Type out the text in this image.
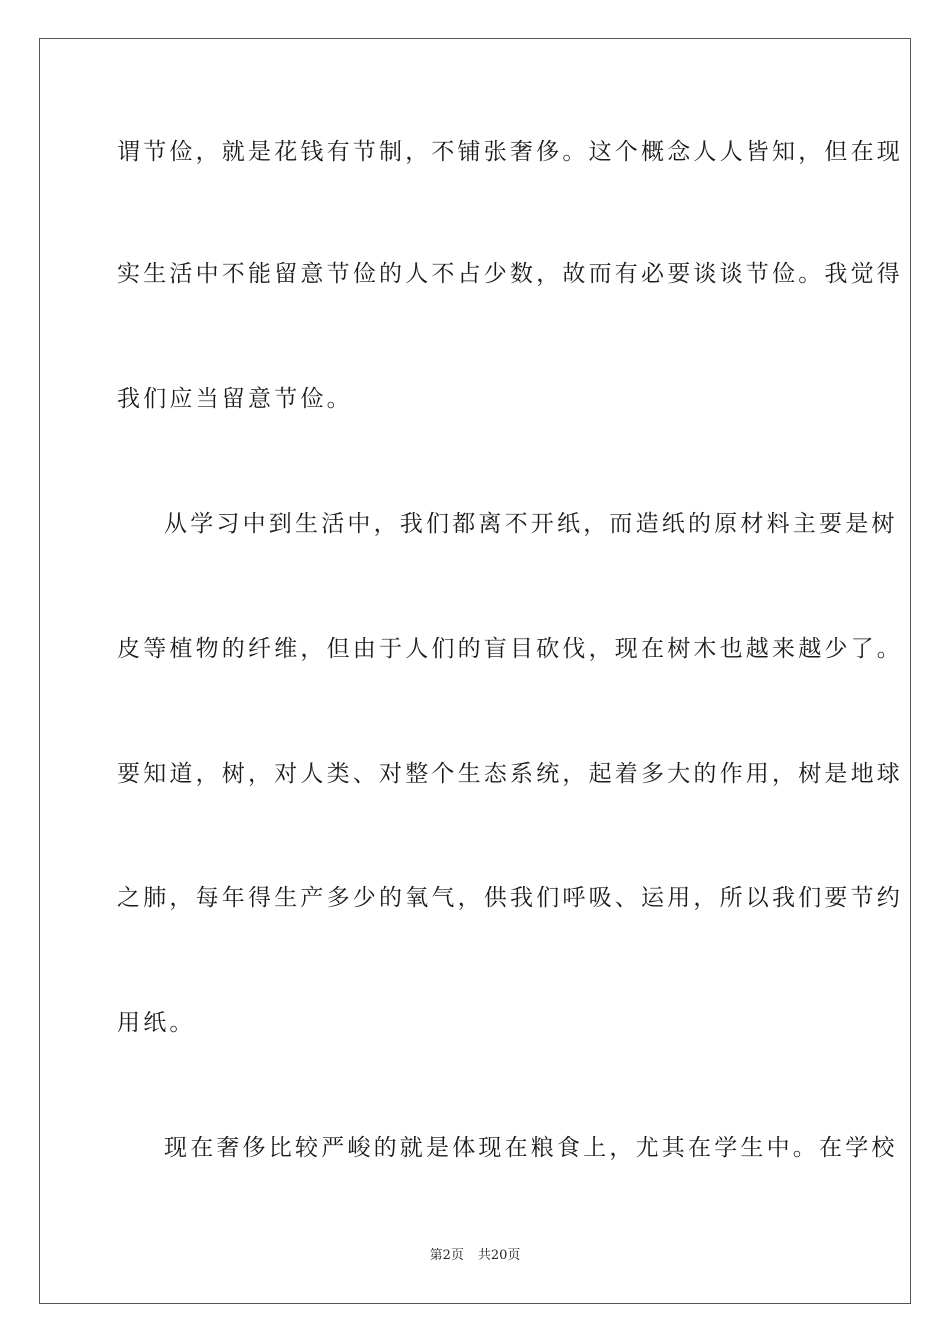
谓节俭，就是花钱有节制，不铺张奢侈。这个概念人人皆知，但在现
实生活中不能留意节俭的人不占少数，故而有必要谈谈节俭。我觉得
我们应当留意节俭。
从学习中到生活中，我们都离不开纸，而造纸的原材料主要是树
皮等植物的纤维，但由于人们的盲目砍伐，现在树木也越来越少了。
要知道，树，对人类、对整个生态系统，起着多大的作用，树是地球
之肺，每年得生产多少的氧气，供我们呼吸、运用，所以我们要节约
用纸。
现在奢侈比较严峻的就是体现在粮食上，尤其在学生中。在学校
第2页 共20页
